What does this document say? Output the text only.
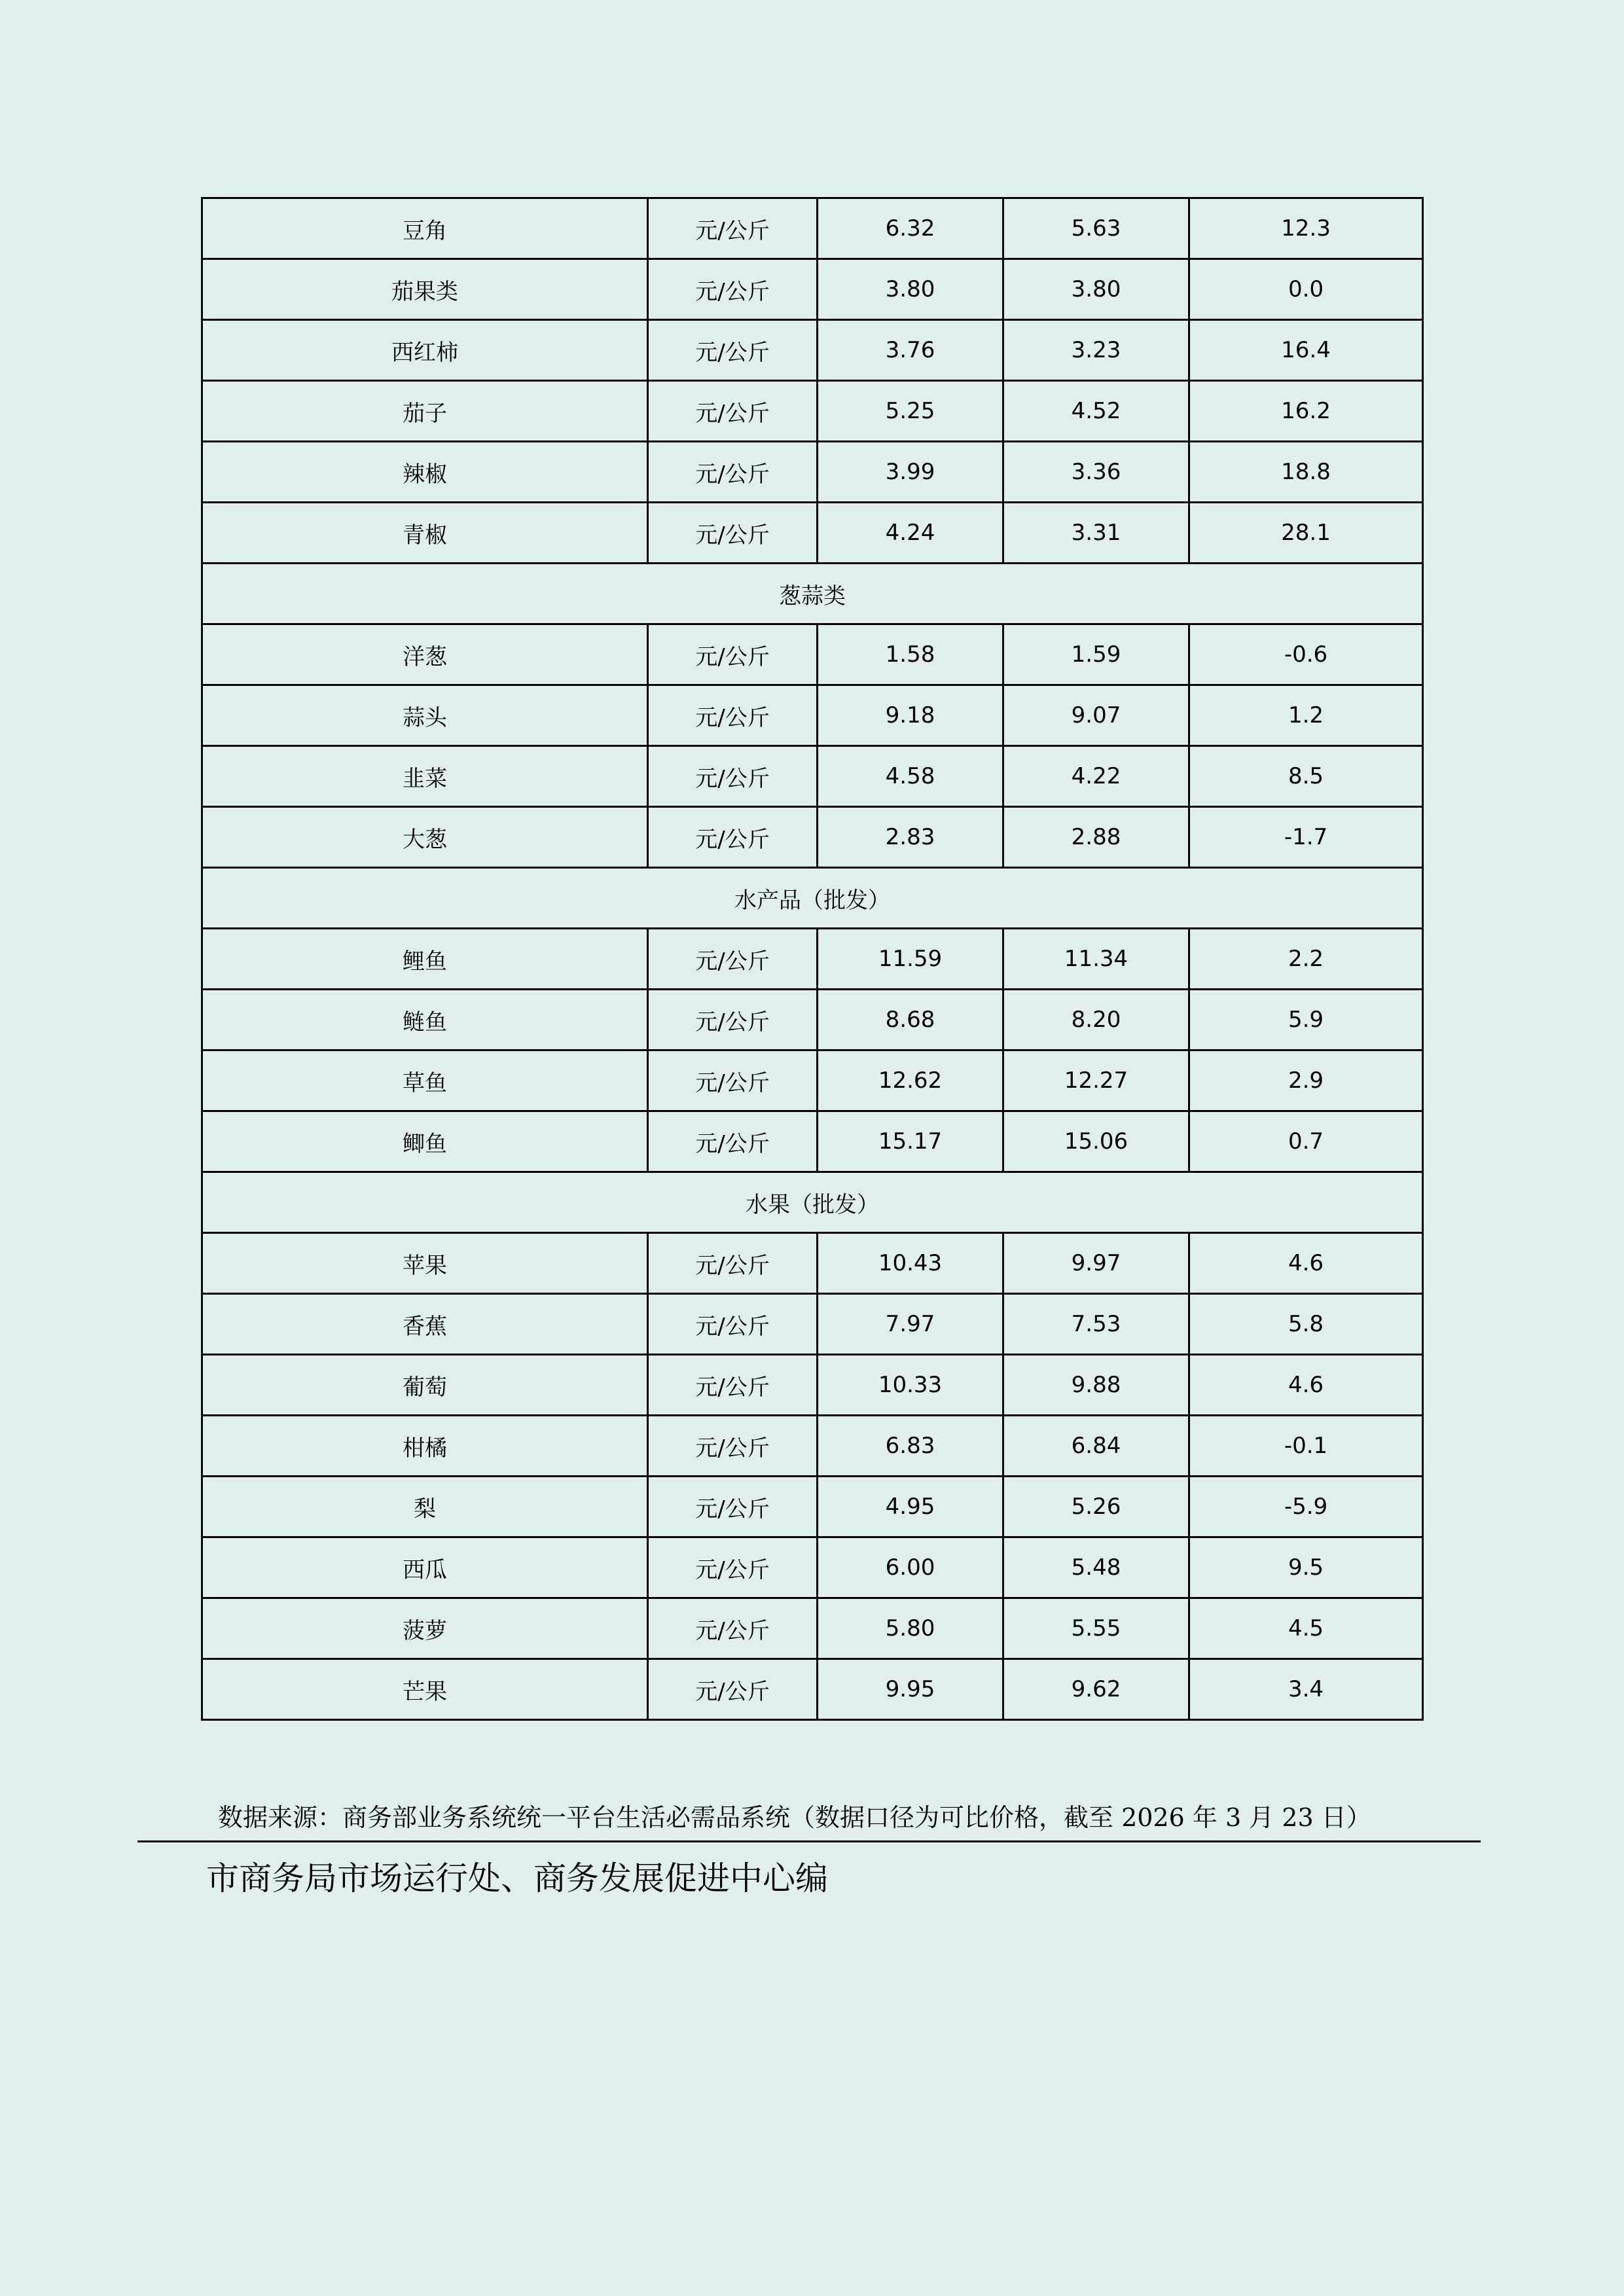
豆角	元/公斤	6.32	5.63	12.3
茄果类	元/公斤	3.80	3.80	0.0
西红柿	元/公斤	3.76	3.23	16.4
茄子	元/公斤	5.25	4.52	16.2
辣椒	元/公斤	3.99	3.36	18.8
青椒	元/公斤	4.24	3.31	28.1
葱蒜类				
洋葱	元/公斤	1.58	1.59	-0.6
蒜头	元/公斤	9.18	9.07	1.2
韭菜	元/公斤	4.58	4.22	8.5
大葱	元/公斤	2.83	2.88	-1.7
水产品（批发）				
鲤鱼	元/公斤	11.59	11.34	2.2
鲢鱼	元/公斤	8.68	8.20	5.9
草鱼	元/公斤	12.62	12.27	2.9
鲫鱼	元/公斤	15.17	15.06	0.7
水果（批发）				
苹果	元/公斤	10.43	9.97	4.6
香蕉	元/公斤	7.97	7.53	5.8
葡萄	元/公斤	10.33	9.88	4.6
柑橘	元/公斤	6.83	6.84	-0.1
梨	元/公斤	4.95	5.26	-5.9
西瓜	元/公斤	6.00	5.48	9.5
菠萝	元/公斤	5.80	5.55	4.5
芒果	元/公斤	9.95	9.62	3.4
数据来源：商务部业务系统统一平台生活必需品系统（数据口径为可比价格，截至 2026 年 3 月 23 日）
市商务局市场运行处、商务发展促进中心编
